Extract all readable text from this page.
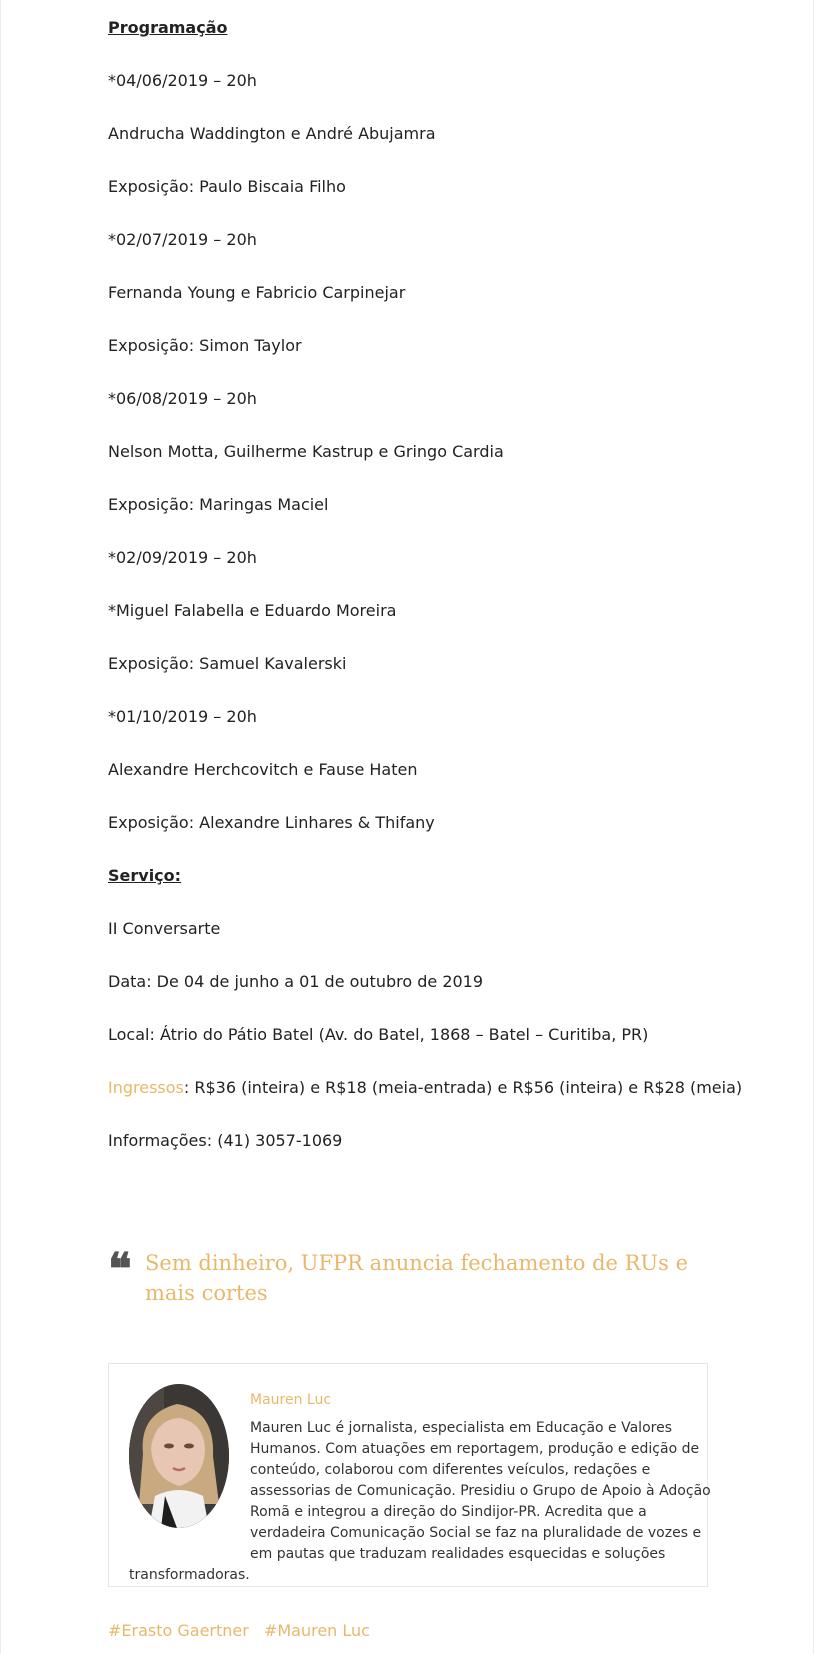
Programação
*04/06/2019 – 20h
Andrucha Waddington e André Abujamra
Exposição: Paulo Biscaia Filho
*02/07/2019 – 20h
Fernanda Young e Fabricio Carpinejar
Exposição: Simon Taylor
*06/08/2019 – 20h
Nelson Motta, Guilherme Kastrup e Gringo Cardia
Exposição: Maringas Maciel
*02/09/2019 – 20h
*Miguel Falabella e Eduardo Moreira
Exposição: Samuel Kavalerski
*01/10/2019 – 20h
Alexandre Herchcovitch e Fause Haten
Exposição: Alexandre Linhares & Thifany
Serviço:
II Conversarte
Data: De 04 de junho a 01 de outubro de 2019
Local: Átrio do Pátio Batel (Av. do Batel, 1868 – Batel – Curitiba, PR)
Ingressos: R$36 (inteira) e R$18 (meia-entrada) e R$56 (inteira) e R$28 (meia)
Informações: (41) 3057-1069
❝ Sem dinheiro, UFPR anuncia fechamento de RUs e mais cortes
Mauren Luc
Mauren Luc é jornalista, especialista em Educação e Valores
Humanos. Com atuações em reportagem, produção e edição de
conteúdo, colaborou com diferentes veículos, redações e
assessorias de Comunicação. Presidiu o Grupo de Apoio à Adoção
Romã e integrou a direção do Sindijor-PR. Acredita que a
verdadeira Comunicação Social se faz na pluralidade de vozes e
em pautas que traduzam realidades esquecidas e soluções
transformadoras.
#Erasto Gaertner #Mauren Luc
